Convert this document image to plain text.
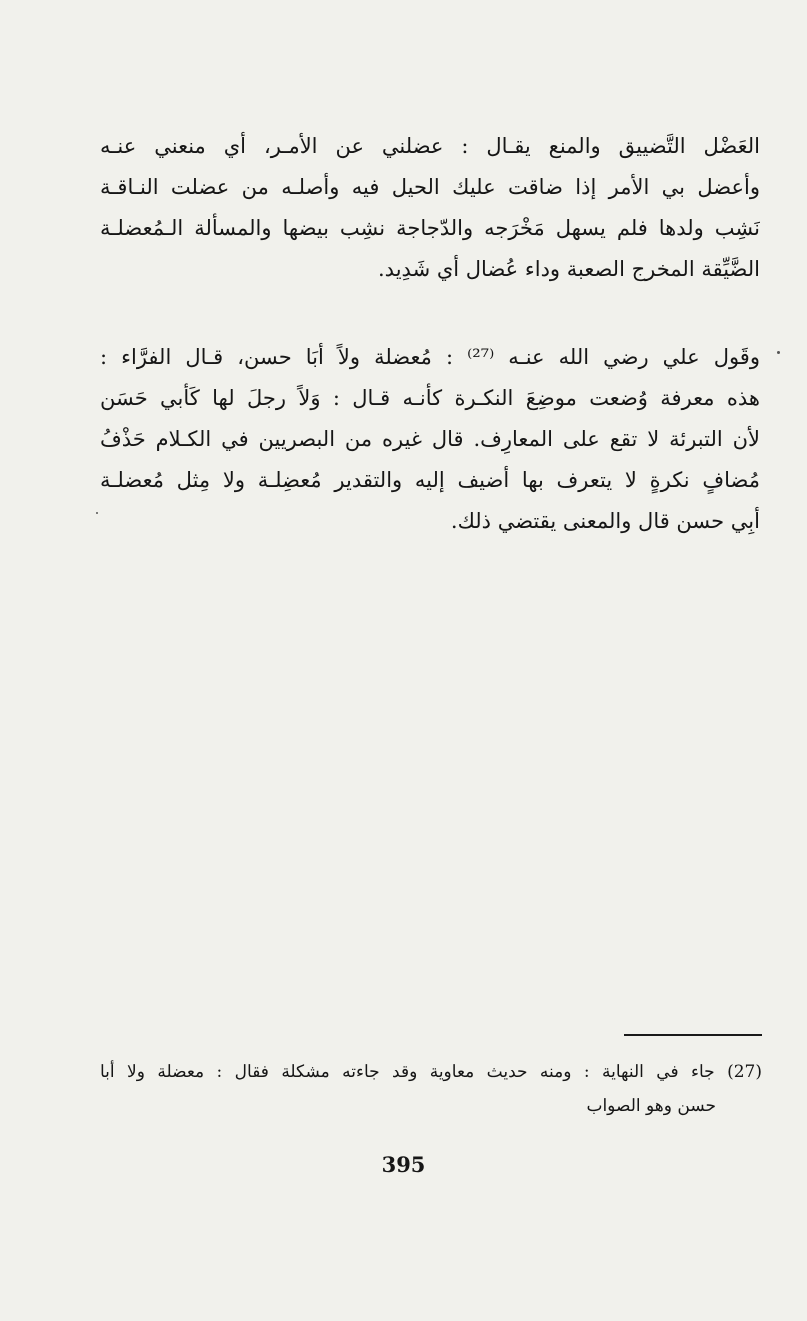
العَضْل التَّضييق والمنع يقـال : عضلني عن الأمـر، أي منعني عنـه
وأعضل بي الأمر إذا ضاقت عليك الحيل فيه وأصلـه من عضلت النـاقـة
نَشِب ولدها فلم يسهل مَخْرَجه والدّجاجة نشِب بيضها والمسألة الـمُعضلـة
الضَّيِّقة المخرج الصعبة وداء عُضال أي شَدِيد.
وقَول علي رضي الله عنـه ⁽²⁷⁾ : مُعضلة ولاً أبَا حسن، قـال الفرَّاء :
هذه معرفة وُضعت موضِعَ النكـرة كأنـه قـال : وَلاً رجلَ لها كَأبي حَسَن
لأن التبرئة لا تقع على المعارِف. قال غيره من البصريين في الكـلام حَذْفُ
مُضافٍ نكرةٍ لا يتعرف بها أضيف إليه والتقدير مُعضِلـة ولا مِثل مُعضلـة
أبِي حسن قال والمعنى يقتضي ذلك.
(27) جاء في النهاية : ومنه حديث معاوية وقد جاءته مشكلة فقال : معضلة ولا أبا
حسن وهو الصواب
395
